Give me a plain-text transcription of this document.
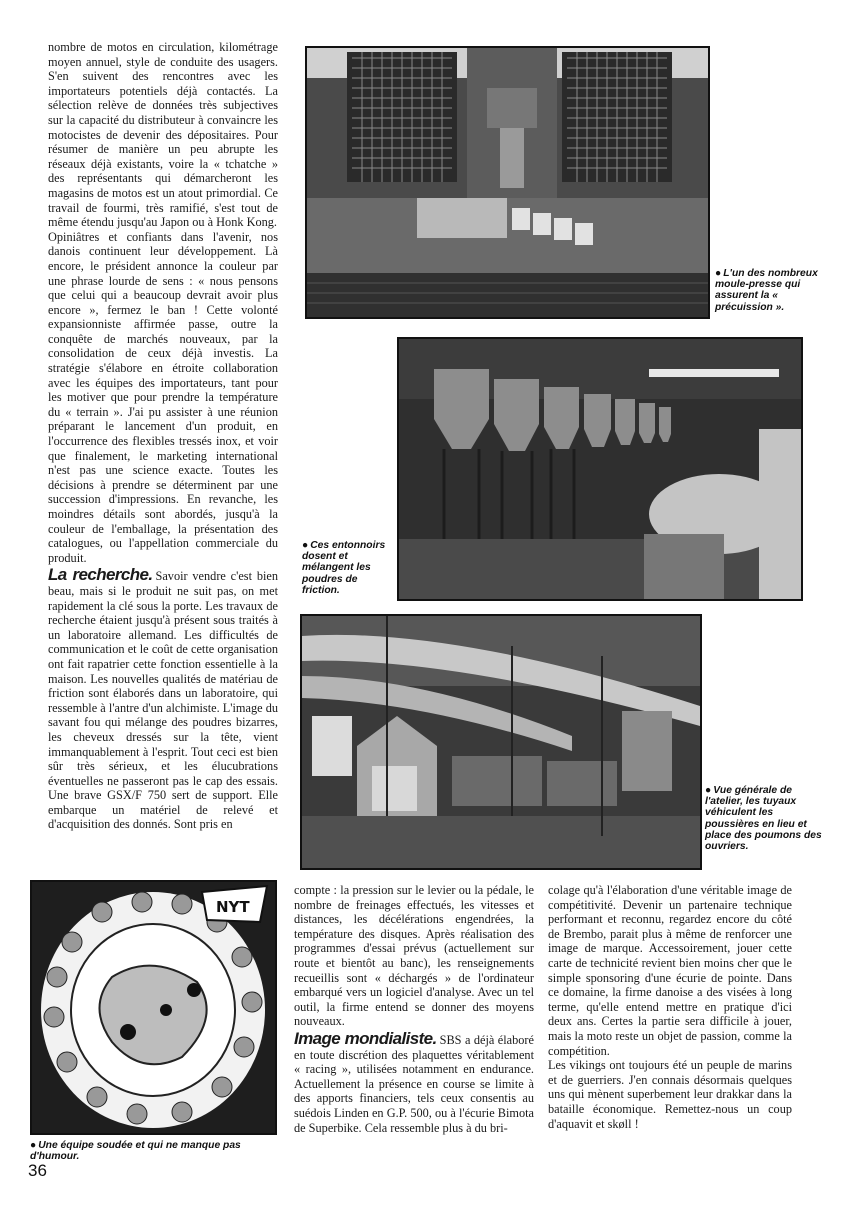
nombre de motos en circulation, kilométrage moyen annuel, style de conduite des usagers. S'en suivent des rencontres avec les importateurs potentiels déjà contactés. La sélection relève de données très subjectives sur la capacité du distributeur à convaincre les motocistes de devenir des dépositaires. Pour résumer de manière un peu abrupte les réseaux déjà existants, voire la « tchatche » des représentants qui démarcheront les magasins de motos est un atout primordial. Ce travail de fourmi, très ramifié, s'est tout de même étendu jusqu'au Japon ou à Honk Kong.

Opiniâtres et confiants dans l'avenir, nos danois continuent leur développement. Là encore, le président annonce la couleur par une phrase lourde de sens : « nous pensons que celui qui a beaucoup devrait avoir plus encore », fermez le ban ! Cette volonté expansionniste affirmée passe, outre la conquête de marchés nouveaux, par la consolidation de ceux déjà investis. La stratégie s'élabore en étroite collaboration avec les équipes des importateurs, tant pour les motiver que pour prendre la température du « terrain ». J'ai pu assister à une réunion préparant le lancement d'un produit, en l'occurrence des flexibles tressés inox, et voir que finalement, le marketing international n'est pas une science exacte. Toutes les décisions à prendre se déterminent par une succession d'impressions. En revanche, les moindres détails sont abordés, jusqu'à la couleur de l'emballage, la présentation des catalogues, ou l'appellation commerciale du produit.

La recherche. Savoir vendre c'est bien beau, mais si le produit ne suit pas, on met rapidement la clé sous la porte. Les travaux de recherche étaient jusqu'à présent sous traités à un laboratoire allemand. Les difficultés de communication et le coût de cette organisation ont fait rapatrier cette fonction essentielle à la maison. Les nouvelles qualités de matériau de friction sont élaborés dans un laboratoire, qui ressemble à l'antre d'un alchimiste. L'image du savant fou qui mélange des poudres bizarres, les cheveux dressés sur la tête, vient immanquablement à l'esprit. Tout ceci est bien sûr très sérieux, et les élucubrations éventuelles ne passeront pas le cap des essais. Une brave GSX/F 750 sert de support. Elle embarque un matériel de relevé et d'acquisition des donnés. Sont pris en

● L'un des nombreux moule-presse qui assurent la « précuission ».
● Ces entonnoirs dosent et mélangent les poudres de friction.
● Vue générale de l'atelier, les tuyaux véhiculent les poussières en lieu et place des poumons des ouvriers.
NYT
● Une équipe soudée et qui ne manque pas d'humour.
36

compte : la pression sur le levier ou la pédale, le nombre de freinages effectués, les vitesses et distances, les décélérations engendrées, la température des disques. Après réalisation des programmes d'essai prévus (actuellement sur route et bientôt au banc), les renseignements recueillis sont « déchargés » de l'ordinateur embarqué vers un logiciel d'analyse. Avec un tel outil, la firme entend se donner des moyens nouveaux.

Image mondialiste. SBS a déjà élaboré en toute discrétion des plaquettes véritablement « racing », utilisées notamment en endurance. Actuellement la présence en course se limite à des apports financiers, tels ceux consentis au suédois Linden en G.P. 500, ou à l'écurie Bimota de Superbike. Cela ressemble plus à du bri-

colage qu'à l'élaboration d'une véritable image de compétitivité. Devenir un partenaire technique performant et reconnu, regardez encore du côté de Brembo, parait plus à même de renforcer une image de marque. Accessoirement, jouer cette carte de technicité revient bien moins cher que le simple sponsoring d'une écurie de pointe. Dans ce domaine, la firme danoise a des visées à long terme, qu'elle entend mettre en pratique d'ici deux ans. Certes la partie sera difficile à jouer, mais la moto reste un objet de passion, comme la compétition.

Les vikings ont toujours été un peuple de marins et de guerriers. J'en connais désormais quelques uns qui mènent superbement leur drakkar dans la bataille économique. Remettez-nous un coup d'aquavit et skøll !
